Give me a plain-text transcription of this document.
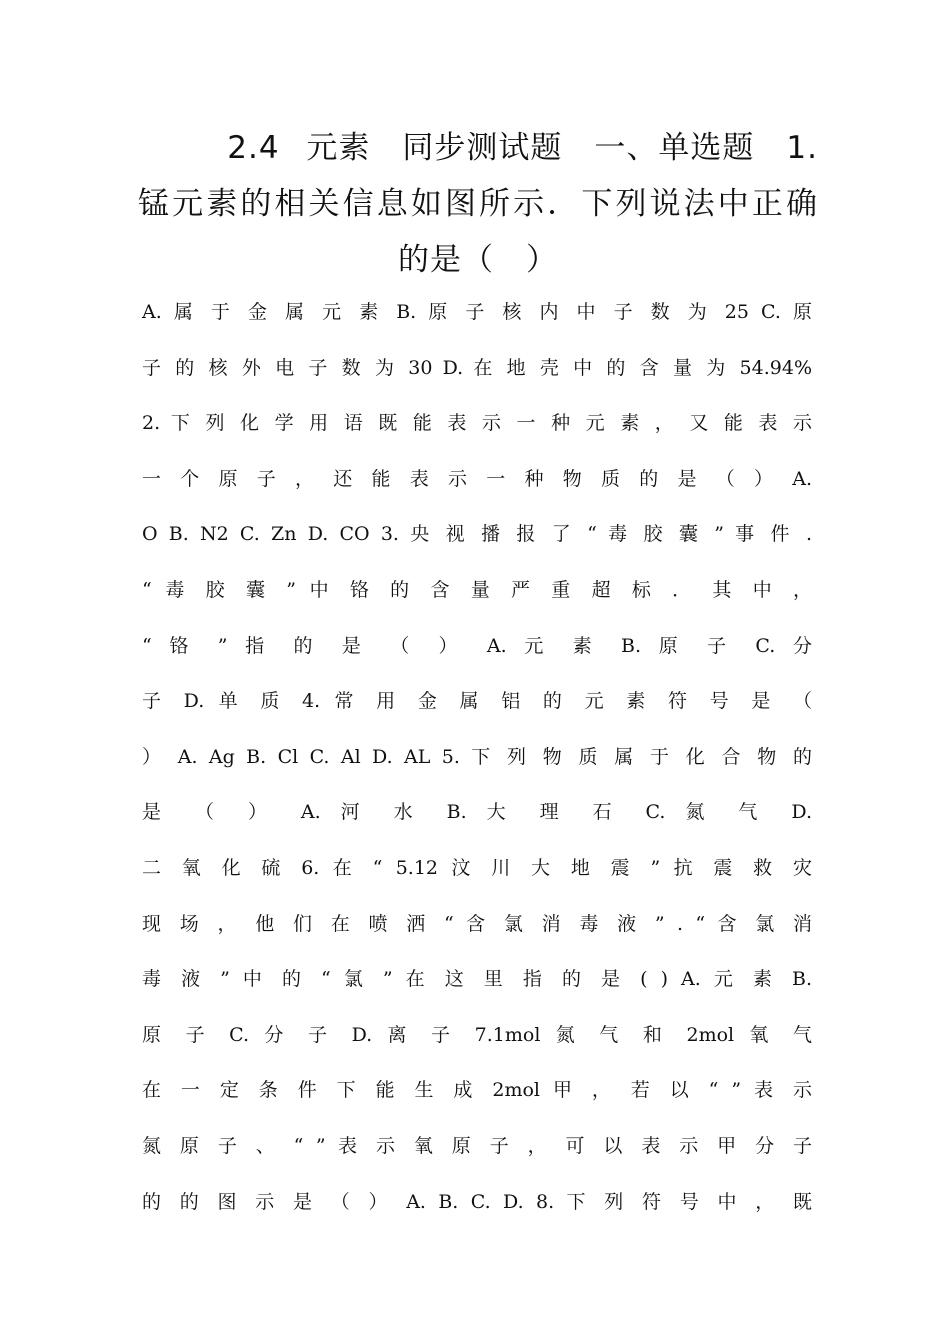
2.4 元素　同步测试题　一、单选题　1.
锰元素的相关信息如图所示．下列说法中正确
的是（　）
A. 属 于 金 属 元 素 B. 原 子 核 内 中 子 数 为 25 C. 原
子 的 核 外 电 子 数 为 30 D. 在 地 壳 中 的 含 量 为 54.94%
2. 下 列 化 学 用 语 既 能 表 示 一 种 元 素 ， 又 能 表 示
一 个 原 子 ， 还 能 表 示 一 种 物 质 的 是 （ ） A.
O B. N2 C. Zn D. CO 3. 央 视 播 报 了 “ 毒 胶 囊 ” 事 件 .
“ 毒 胶 囊 ” 中 铬 的 含 量 严 重 超 标 ． 其 中 ，
“ 铬 ” 指 的 是 （ ） A. 元 素 B. 原 子 C. 分
子 D. 单 质 4. 常 用 金 属 铝 的 元 素 符 号 是 （
） A. Ag B. Cl C. Al D. AL 5. 下 列 物 质 属 于 化 合 物 的
是 （ ） A. 河 水 B. 大 理 石 C. 氮 气 D.
二 氧 化 硫 6. 在 “ 5.12 汶 川 大 地 震 ” 抗 震 救 灾
现 场 ， 他 们 在 喷 洒 “ 含 氯 消 毒 液 ” . “ 含 氯 消
毒 液 ” 中 的 “ 氯 ” 在 这 里 指 的 是 ( ) A. 元 素 B.
原 子 C. 分 子 D. 离 子 7.1mol 氮 气 和 2mol 氧 气
在 一 定 条 件 下 能 生 成 2mol 甲 ， 若 以 “ ” 表 示
氮 原 子 、 “ ” 表 示 氧 原 子 ， 可 以 表 示 甲 分 子
的 的 图 示 是 （ ） A. B. C. D. 8. 下 列 符 号 中 ， 既
